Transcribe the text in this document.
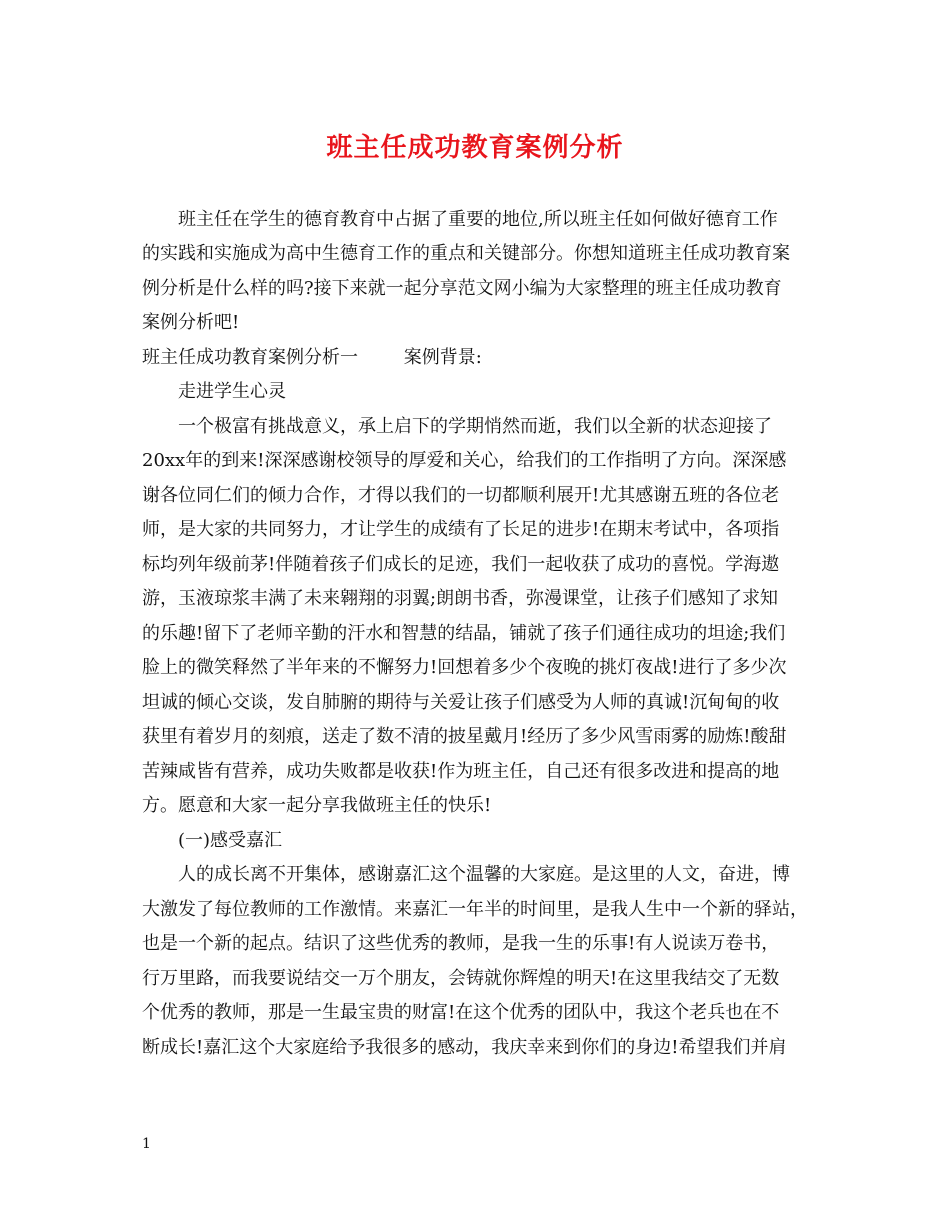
班主任成功教育案例分析

班主任在学生的德育教育中占据了重要的地位,所以班主任如何做好德育工作

的实践和实施成为高中生德育工作的重点和关键部分。你想知道班主任成功教育案

例分析是什么样的吗?接下来就一起分享范文网小编为大家整理的班主任成功教育

案例分析吧!

班主任成功教育案例分析一        案例背景:

走进学生心灵

一个极富有挑战意义，承上启下的学期悄然而逝，我们以全新的状态迎接了

20xx年的到来!深深感谢校领导的厚爱和关心，给我们的工作指明了方向。深深感

谢各位同仁们的倾力合作，才得以我们的一切都顺利展开!尤其感谢五班的各位老

师，是大家的共同努力，才让学生的成绩有了长足的进步!在期末考试中，各项指

标均列年级前茅!伴随着孩子们成长的足迹，我们一起收获了成功的喜悦。学海遨

游，玉液琼浆丰满了未来翱翔的羽翼;朗朗书香，弥漫课堂，让孩子们感知了求知

的乐趣!留下了老师辛勤的汗水和智慧的结晶，铺就了孩子们通往成功的坦途;我们

脸上的微笑释然了半年来的不懈努力!回想着多少个夜晚的挑灯夜战!进行了多少次

坦诚的倾心交谈，发自肺腑的期待与关爱让孩子们感受为人师的真诚!沉甸甸的收

获里有着岁月的刻痕，送走了数不清的披星戴月!经历了多少风雪雨雾的励炼!酸甜

苦辣咸皆有营养，成功失败都是收获!作为班主任，自己还有很多改进和提高的地

方。愿意和大家一起分享我做班主任的快乐!

(一)感受嘉汇

人的成长离不开集体，感谢嘉汇这个温馨的大家庭。是这里的人文，奋进，博

大激发了每位教师的工作激情。来嘉汇一年半的时间里，是我人生中一个新的驿站，

也是一个新的起点。结识了这些优秀的教师，是我一生的乐事!有人说读万卷书，

行万里路，而我要说结交一万个朋友，会铸就你辉煌的明天!在这里我结交了无数

个优秀的教师，那是一生最宝贵的财富!在这个优秀的团队中，我这个老兵也在不

断成长!嘉汇这个大家庭给予我很多的感动，我庆幸来到你们的身边!希望我们并肩

1
